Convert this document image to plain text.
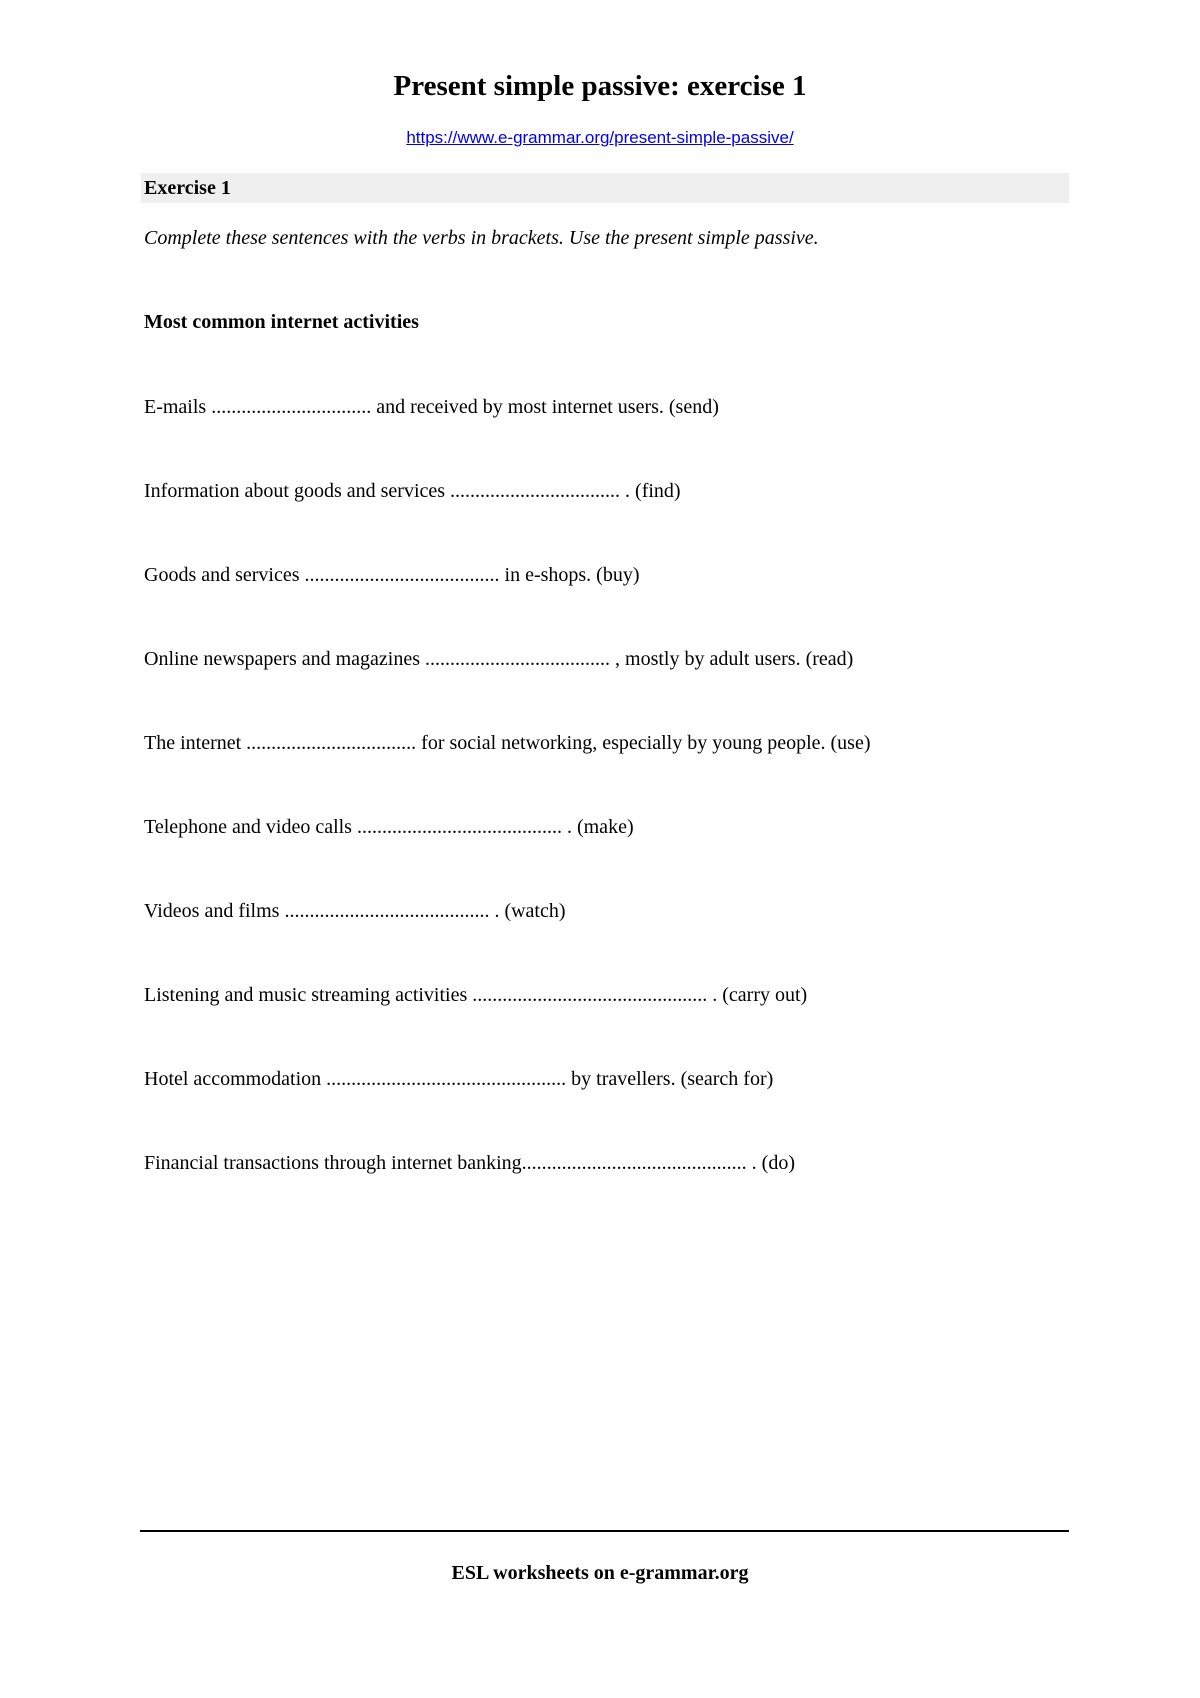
Present simple passive: exercise 1
https://www.e-grammar.org/present-simple-passive/
Exercise 1
Complete these sentences with the verbs in brackets. Use the present simple passive.
Most common internet activities
E-mails ................................ and received by most internet users. (send)
Information about goods and services .................................. . (find)
Goods and services ....................................... in e-shops. (buy)
Online newspapers and magazines ..................................... , mostly by adult users. (read)
The internet .................................. for social networking, especially by young people. (use)
Telephone and video calls ......................................... . (make)
Videos and films ......................................... . (watch)
Listening and music streaming activities ............................................... . (carry out)
Hotel accommodation ................................................ by travellers. (search for)
Financial transactions through internet banking............................................. . (do)
ESL worksheets on e-grammar.org
